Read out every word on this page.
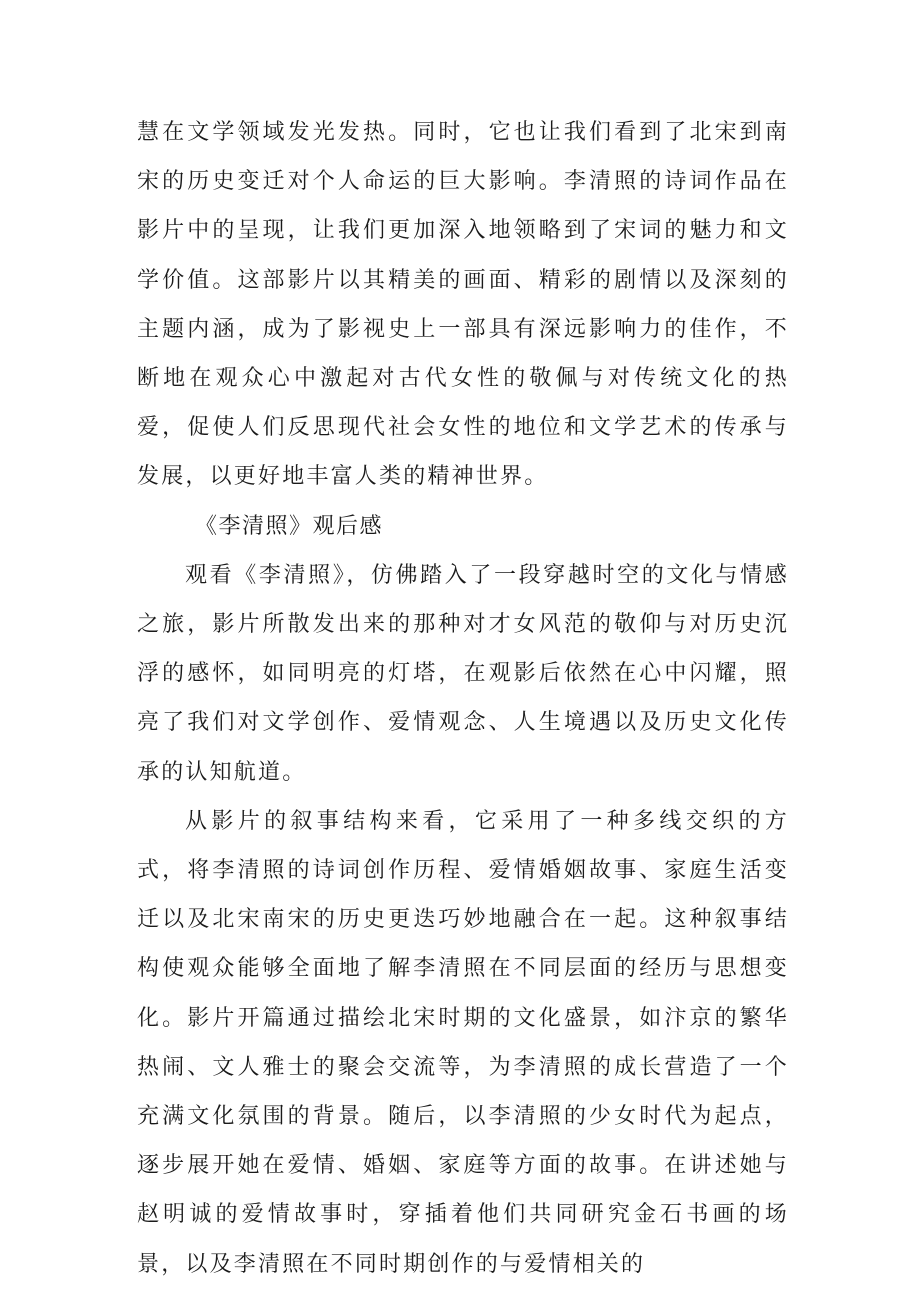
慧在文学领域发光发热。同时，它也让我们看到了北宋到南宋的历史变迁对个人命运的巨大影响。李清照的诗词作品在影片中的呈现，让我们更加深入地领略到了宋词的魅力和文学价值。这部影片以其精美的画面、精彩的剧情以及深刻的主题内涵，成为了影视史上一部具有深远影响力的佳作，不断地在观众心中激起对古代女性的敬佩与对传统文化的热爱，促使人们反思现代社会女性的地位和文学艺术的传承与发展，以更好地丰富人类的精神世界。

《李清照》观后感

观看《李清照》，仿佛踏入了一段穿越时空的文化与情感之旅，影片所散发出来的那种对才女风范的敬仰与对历史沉浮的感怀，如同明亮的灯塔，在观影后依然在心中闪耀，照亮了我们对文学创作、爱情观念、人生境遇以及历史文化传承的认知航道。

从影片的叙事结构来看，它采用了一种多线交织的方式，将李清照的诗词创作历程、爱情婚姻故事、家庭生活变迁以及北宋南宋的历史更迭巧妙地融合在一起。这种叙事结构使观众能够全面地了解李清照在不同层面的经历与思想变化。影片开篇通过描绘北宋时期的文化盛景，如汴京的繁华热闹、文人雅士的聚会交流等，为李清照的成长营造了一个充满文化氛围的背景。随后，以李清照的少女时代为起点，逐步展开她在爱情、婚姻、家庭等方面的故事。在讲述她与赵明诚的爱情故事时，穿插着他们共同研究金石书画的场景，以及李清照在不同时期创作的与爱情相关的
